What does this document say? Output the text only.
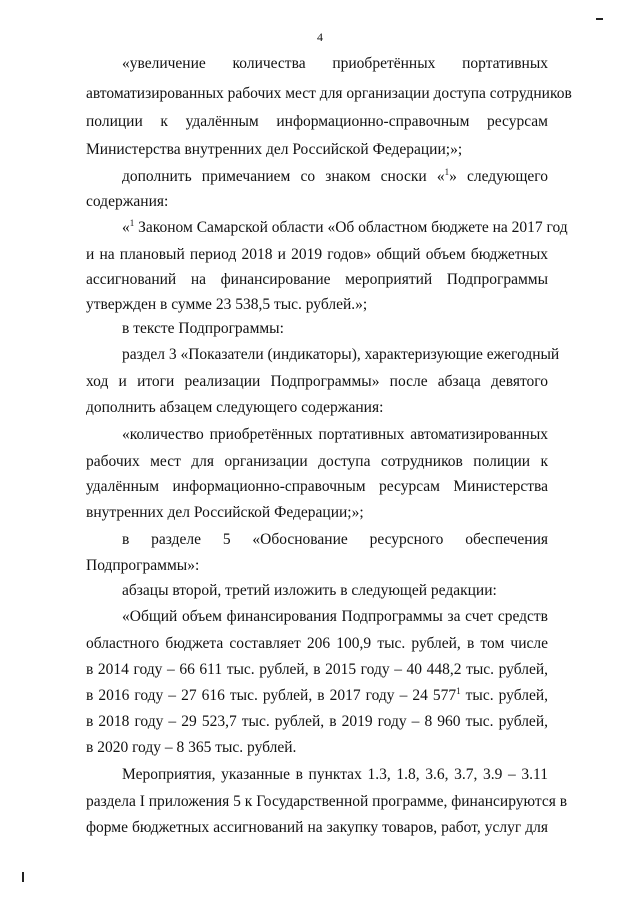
4
«увеличение количества приобретённых портативных
автоматизированных рабочих мест для организации доступа сотрудников
полиции к удалённым информационно-справочным ресурсам
Министерства внутренних дел Российской Федерации;»;
дополнить примечанием со знаком сноски «$^1$» следующего
содержания:
«$^1$ Законом Самарской области «Об областном бюджете на 2017 год
и на плановый период 2018 и 2019 годов» общий объем бюджетных
ассигнований на финансирование мероприятий Подпрограммы
утвержден в сумме 23 538,5 тыс. рублей.»;
в тексте Подпрограммы:
раздел 3 «Показатели (индикаторы), характеризующие ежегодный
ход и итоги реализации Подпрограммы» после абзаца девятого
дополнить абзацем следующего содержания:
«количество приобретённых портативных автоматизированных
рабочих мест для организации доступа сотрудников полиции к
удалённым информационно-справочным ресурсам Министерства
внутренних дел Российской Федерации;»;
в разделе 5 «Обоснование ресурсного обеспечения
Подпрограммы»:
абзацы второй, третий изложить в следующей редакции:
«Общий объем финансирования Подпрограммы за счет средств
областного бюджета составляет 206 100,9 тыс. рублей, в том числе
в 2014 году – 66 611 тыс. рублей, в 2015 году – 40 448,2 тыс. рублей,
в 2016 году – 27 616 тыс. рублей, в 2017 году – 24 $577^1$ тыс. рублей,
в 2018 году – 29 523,7 тыс. рублей, в 2019 году – 8 960 тыс. рублей,
в 2020 году – 8 365 тыс. рублей.
Мероприятия, указанные в пунктах 1.3, 1.8, 3.6, 3.7, 3.9 – 3.11
раздела I приложения 5 к Государственной программе, финансируются в
форме бюджетных ассигнований на закупку товаров, работ, услуг для
